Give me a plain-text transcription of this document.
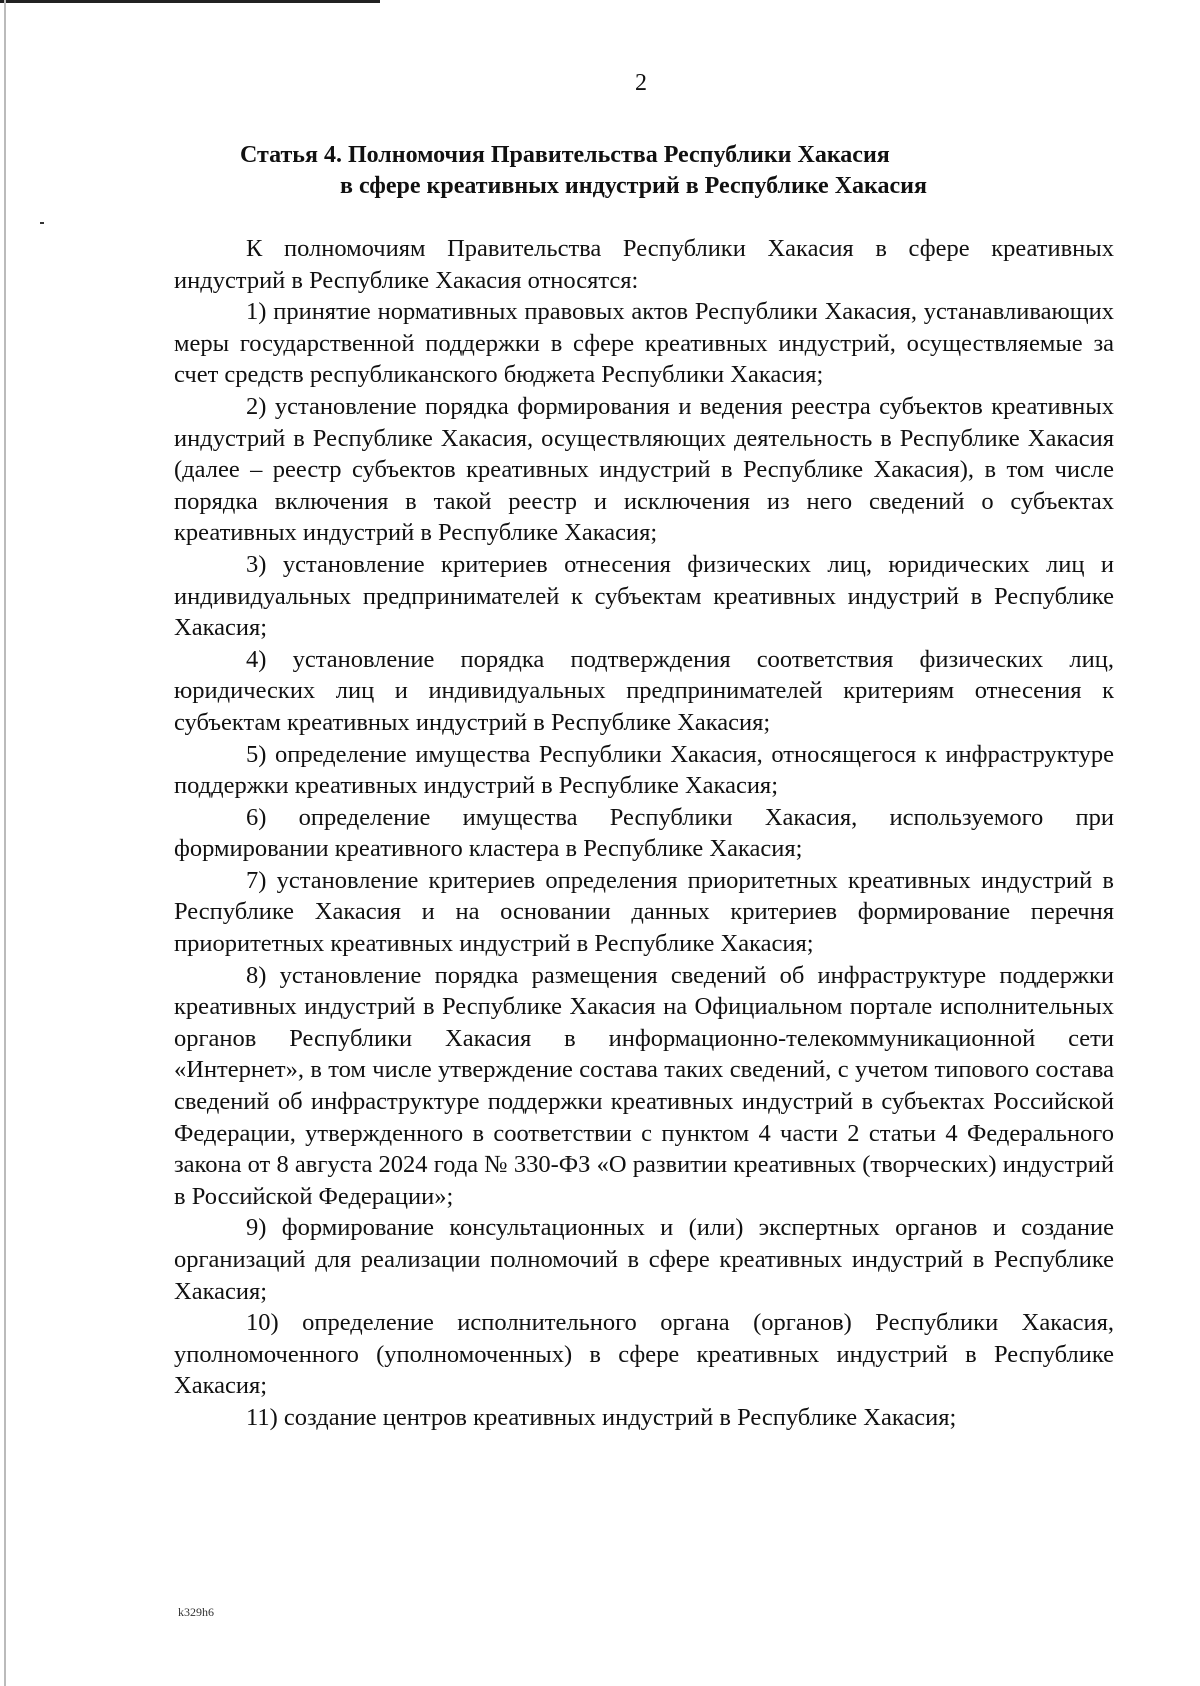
2
Статья 4. Полномочия Правительства Республики Хакасия
в сфере креативных индустрий в Республике Хакасия

К полномочиям Правительства Республики Хакасия в сфере креативных индустрий в Республике Хакасия относятся:

1) принятие нормативных правовых актов Республики Хакасия, устанавливающих меры государственной поддержки в сфере креативных индустрий, осуществляемые за счет средств республиканского бюджета Республики Хакасия;

2) установление порядка формирования и ведения реестра субъектов креативных индустрий в Республике Хакасия, осуществляющих деятельность в Республике Хакасия (далее – реестр субъектов креативных индустрий в Республике Хакасия), в том числе порядка включения в такой реестр и исключения из него сведений о субъектах креативных индустрий в Республике Хакасия;

3) установление критериев отнесения физических лиц, юридических лиц и индивидуальных предпринимателей к субъектам креативных индустрий в Республике Хакасия;

4) установление порядка подтверждения соответствия физических лиц, юридических лиц и индивидуальных предпринимателей критериям отнесения к субъектам креативных индустрий в Республике Хакасия;

5) определение имущества Республики Хакасия, относящегося к инфраструктуре поддержки креативных индустрий в Республике Хакасия;

6) определение имущества Республики Хакасия, используемого при формировании креативного кластера в Республике Хакасия;

7) установление критериев определения приоритетных креативных индустрий в Республике Хакасия и на основании данных критериев формирование перечня приоритетных креативных индустрий в Республике Хакасия;

8) установление порядка размещения сведений об инфраструктуре поддержки креативных индустрий в Республике Хакасия на Официальном портале исполнительных органов Республики Хакасия в информационно-телекоммуникационной сети «Интернет», в том числе утверждение состава таких сведений, с учетом типового состава сведений об инфраструктуре поддержки креативных индустрий в субъектах Российской Федерации, утвержденного в соответствии с пунктом 4 части 2 статьи 4 Федерального закона от 8 августа 2024 года № 330-ФЗ «О развитии креативных (творческих) индустрий в Российской Федерации»;

9) формирование консультационных и (или) экспертных органов и создание организаций для реализации полномочий в сфере креативных индустрий в Республике Хакасия;

10) определение исполнительного органа (органов) Республики Хакасия, уполномоченного (уполномоченных) в сфере креативных индустрий в Республике Хакасия;

11) создание центров креативных индустрий в Республике Хакасия;

k329h6
